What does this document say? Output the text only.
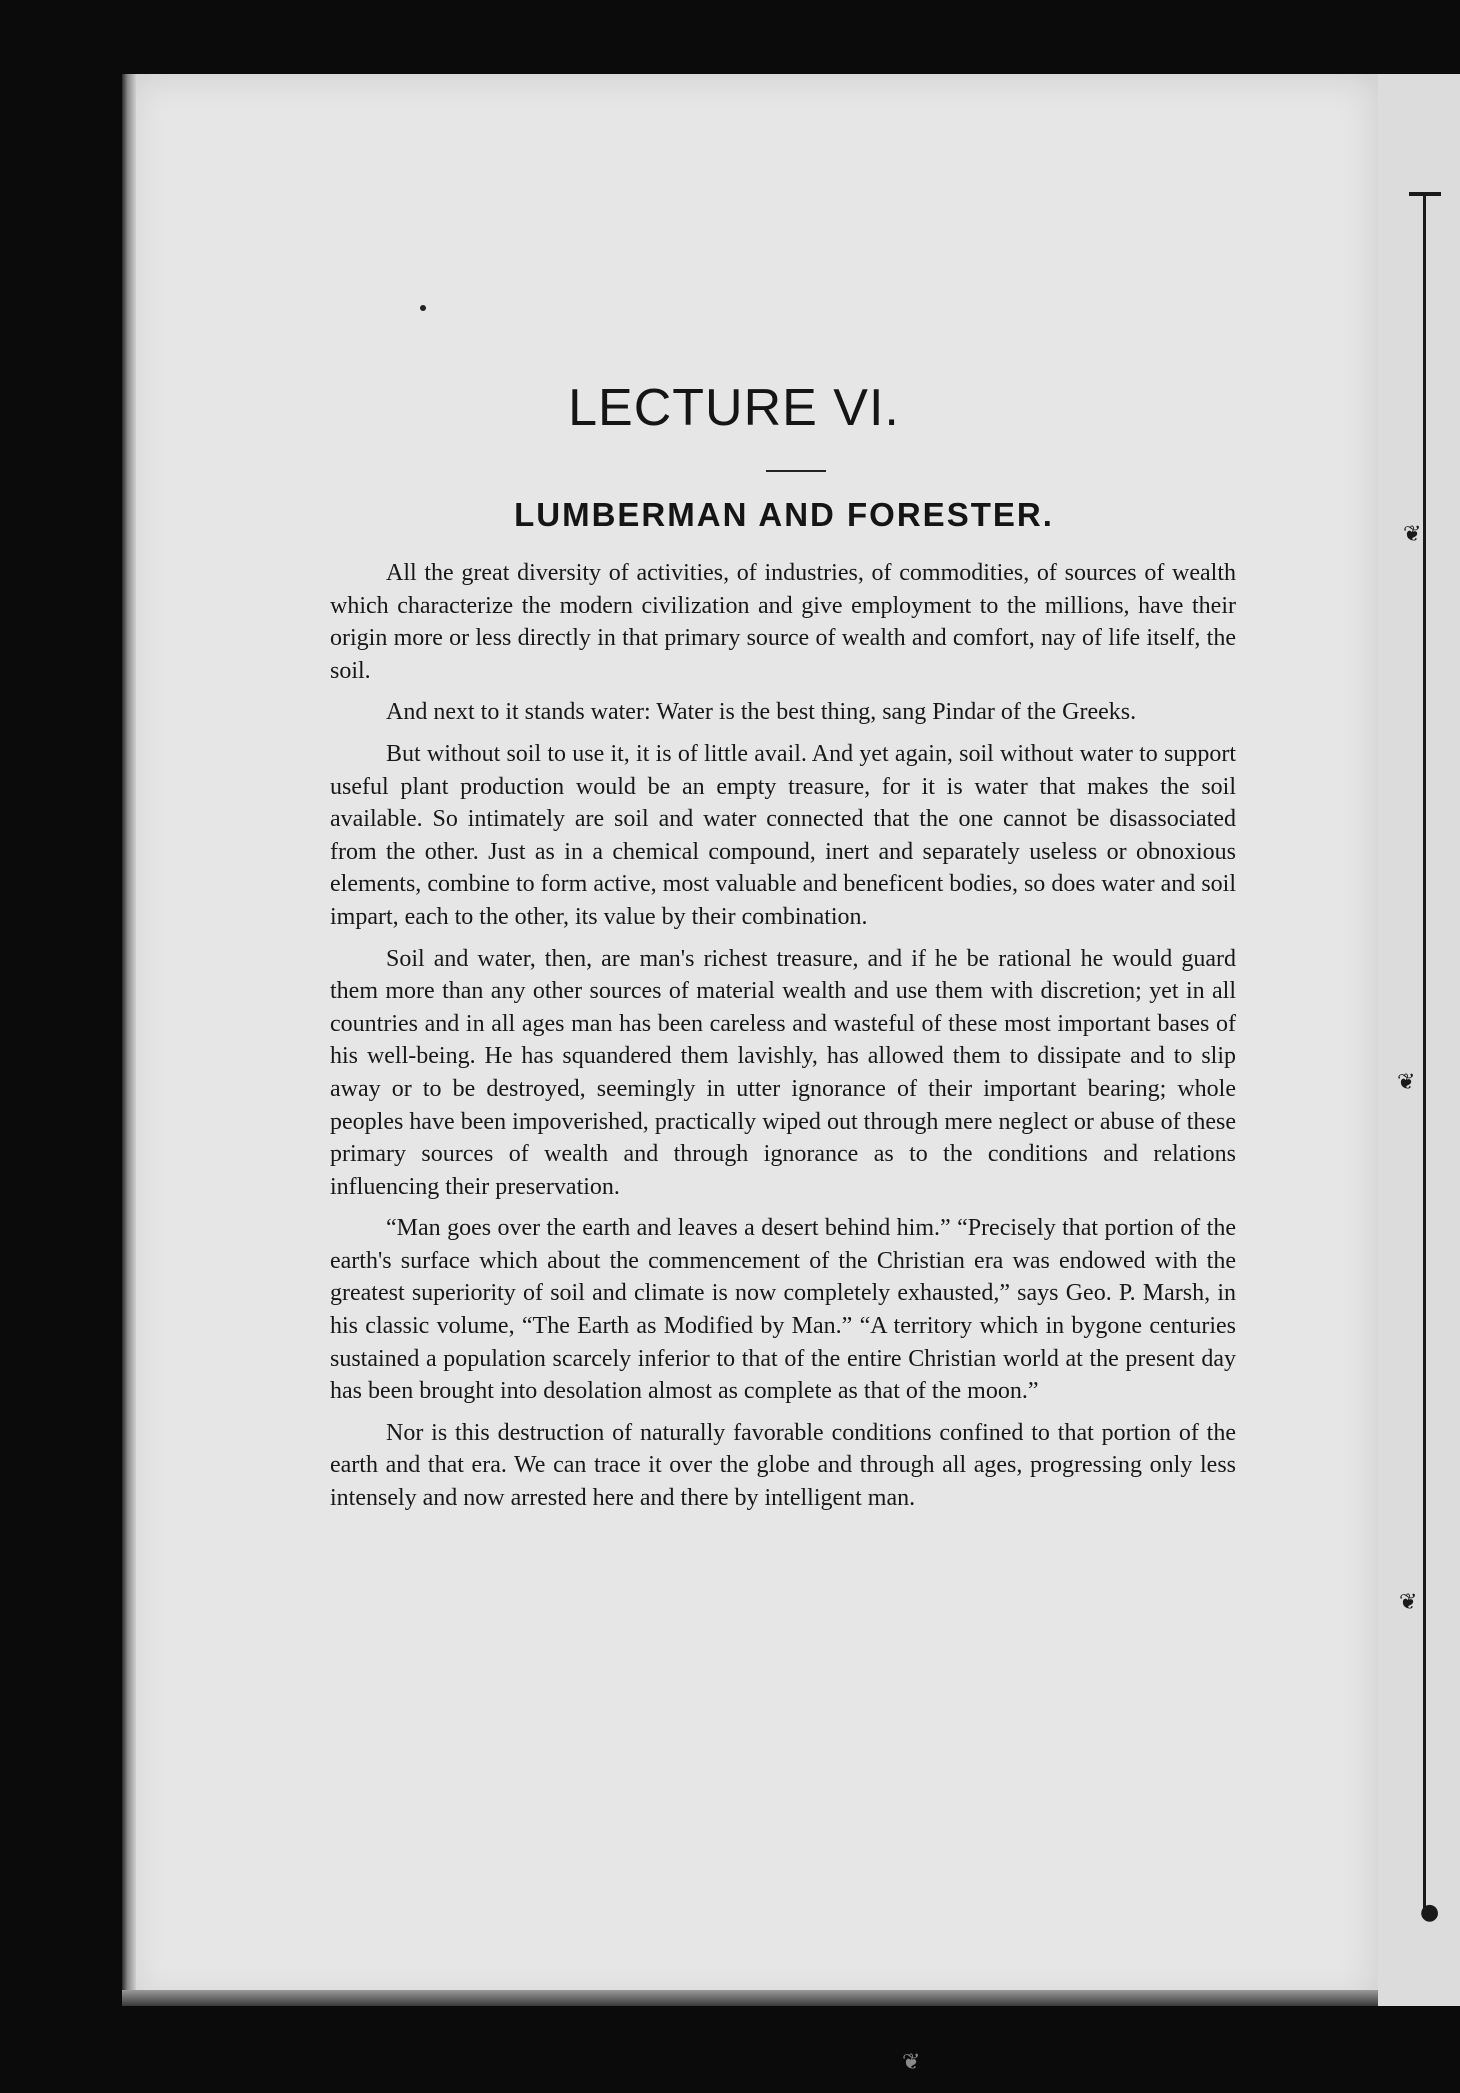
❦
❦
❦
●
❦
LECTURE VI.
LUMBERMAN AND FORESTER.

All the great diversity of activities, of industries, of commodities, of sources of wealth which characterize the modern civilization and give employment to the millions, have their origin more or less directly in that primary source of wealth and comfort, nay of life itself, the soil.

And next to it stands water: Water is the best thing, sang Pindar of the Greeks.

But without soil to use it, it is of little avail. And yet again, soil without water to support useful plant production would be an empty treasure, for it is water that makes the soil available. So intimately are soil and water connected that the one cannot be disassociated from the other. Just as in a chemical compound, inert and separately useless or obnoxious elements, combine to form active, most valuable and beneficent bodies, so does water and soil impart, each to the other, its value by their combination.

Soil and water, then, are man's richest treasure, and if he be rational he would guard them more than any other sources of material wealth and use them with discretion; yet in all countries and in all ages man has been careless and wasteful of these most important bases of his well-being. He has squandered them lavishly, has allowed them to dissipate and to slip away or to be destroyed, seemingly in utter ignorance of their important bearing; whole peoples have been impoverished, practically wiped out through mere neglect or abuse of these primary sources of wealth and through ignorance as to the conditions and relations influencing their preservation.

“Man goes over the earth and leaves a desert behind him.” “Precisely that portion of the earth's surface which about the commencement of the Christian era was endowed with the greatest superiority of soil and climate is now completely exhausted,” says Geo. P. Marsh, in his classic volume, “The Earth as Modified by Man.” “A territory which in bygone centuries sustained a population scarcely inferior to that of the entire Christian world at the present day has been brought into desolation almost as complete as that of the moon.”

Nor is this destruction of naturally favorable conditions confined to that portion of the earth and that era. We can trace it over the globe and through all ages, progressing only less intensely and now arrested here and there by intelligent man.
